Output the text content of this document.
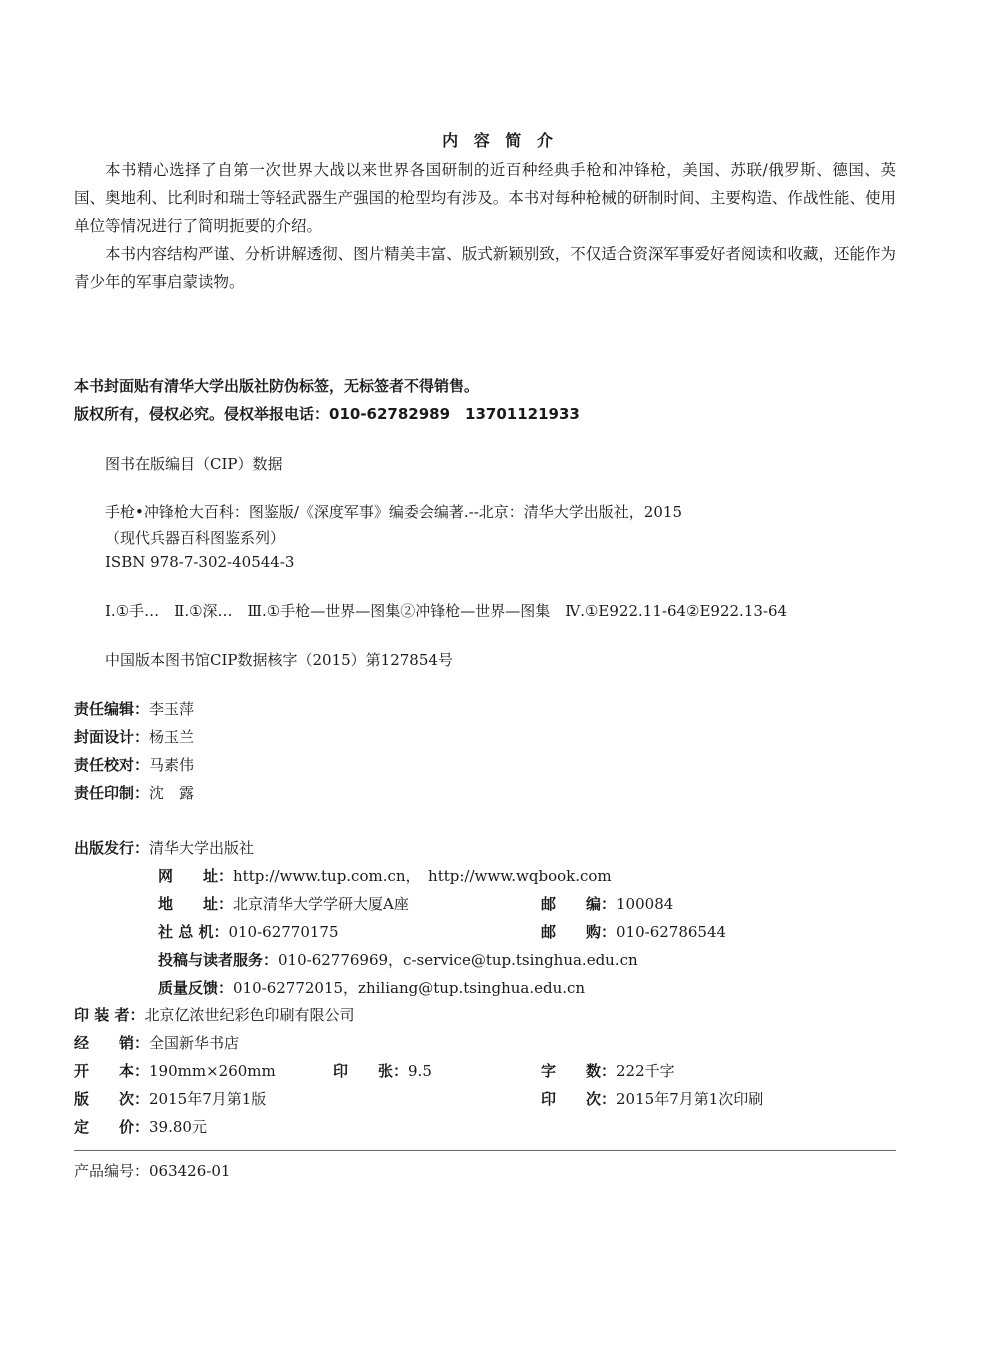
内 容 简 介

本书精心选择了自第一次世界大战以来世界各国研制的近百种经典手枪和冲锋枪，美国、苏联/俄罗斯、德国、英国、奥地利、比利时和瑞士等轻武器生产强国的枪型均有涉及。本书对每种枪械的研制时间、主要构造、作战性能、使用单位等情况进行了简明扼要的介绍。

本书内容结构严谨、分析讲解透彻、图片精美丰富、版式新颖别致，不仅适合资深军事爱好者阅读和收藏，还能作为青少年的军事启蒙读物。

本书封面贴有清华大学出版社防伪标签，无标签者不得销售。
版权所有，侵权必究。侵权举报电话：010-62782989　13701121933
图书在版编目（CIP）数据
手枪•冲锋枪大百科：图鉴版/《深度军事》编委会编著.--北京：清华大学出版社，2015
（现代兵器百科图鉴系列）
ISBN 978-7-302-40544-3
Ⅰ.①手…　Ⅱ.①深…　Ⅲ.①手枪—世界—图集②冲锋枪—世界—图集　Ⅳ.①E922.11-64②E922.13-64
中国版本图书馆CIP数据核字（2015）第127854号
责任编辑：李玉萍
封面设计：杨玉兰
责任校对：马素伟
责任印制：沈　露
出版发行：清华大学出版社
网　　址：http://www.tup.com.cn，　http://www.wqbook.com
地　　址：北京清华大学学研大厦A座	邮　　编：100084
社 总 机：010-62770175	邮　　购：010-62786544
投稿与读者服务：010-62776969，c-service@tup.tsinghua.edu.cn
质量反馈：010-62772015，zhiliang@tup.tsinghua.edu.cn
印 装 者：北京亿浓世纪彩色印刷有限公司
经　　销：全国新华书店
开　　本：190mm×260mm	印　　张：9.5	字　　数：222千字
版　　次：2015年7月第1版	印　　次：2015年7月第1次印刷
定　　价：39.80元
产品编号：063426-01
